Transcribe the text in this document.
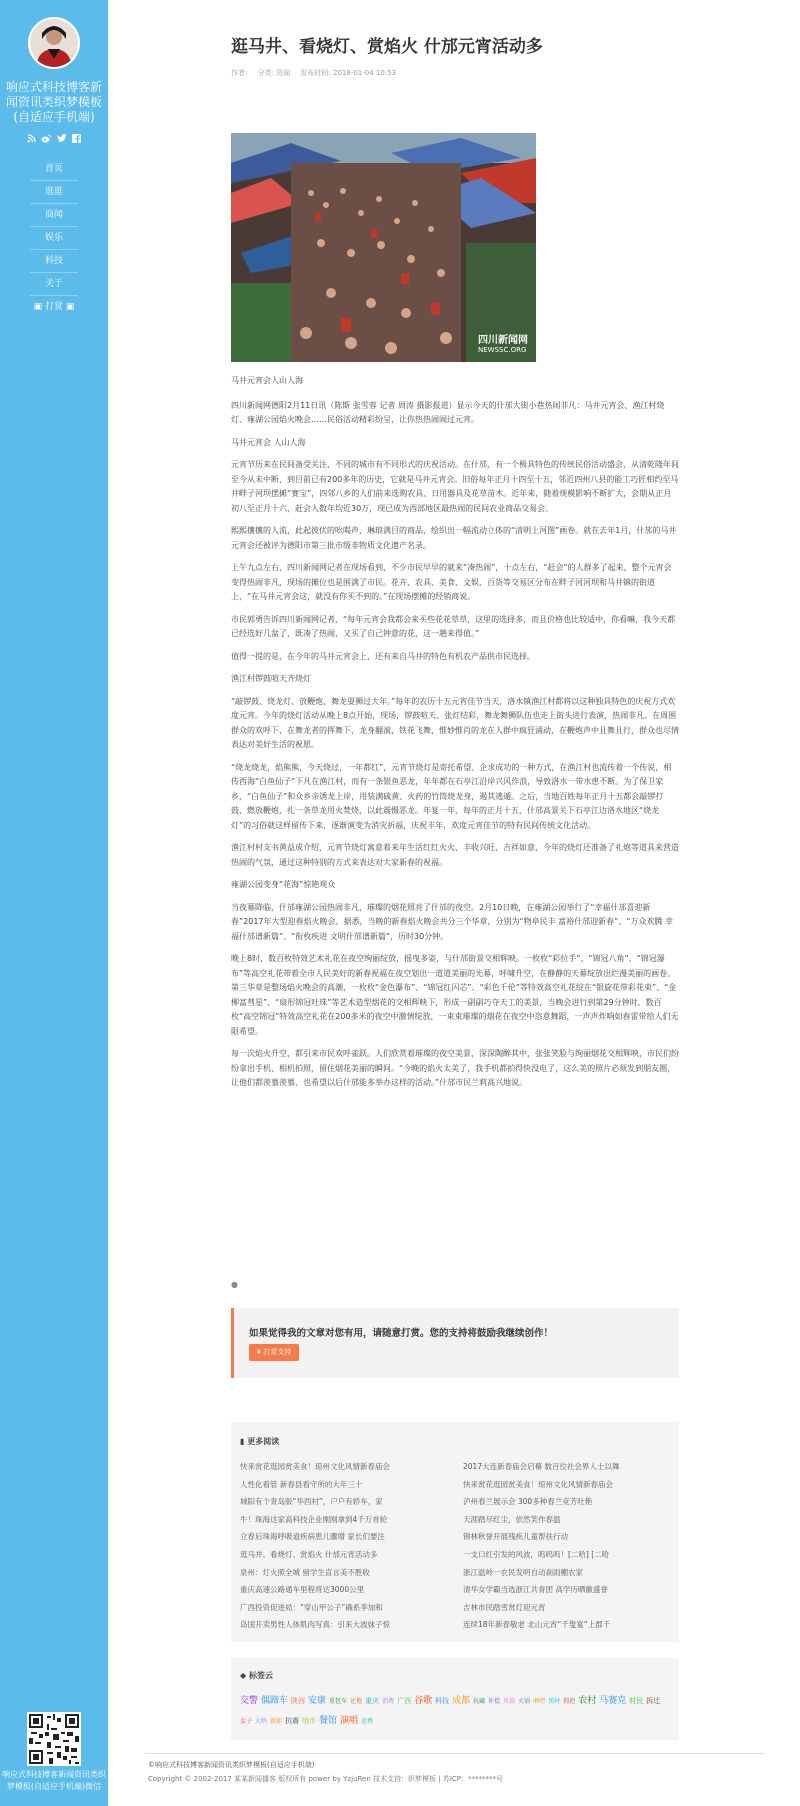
响应式科技博客新闻资讯类织梦模板(自适应手机端)
首页
逛逛
商闻
娱乐
科技
关于
▣ 打赏 ▣
响应式科技博客新闻资讯类织梦模板(自适应手机端)微信
逛马井、看烧灯、赏焰火 什邡元宵活动多
作者: 分类: 资闻 发布时间: 2018-01-04 10:53
四川新闻网
NEWSSC.ORG

马井元宵会人山人海

四川新闻网德阳2月11日讯（陈斯 张雪蓉 记者 周涛 摄影报道）显示今天的什邡大街小巷热闹非凡：马井元宵会、渔江村烧灯、雍湖公园焰火晚会……民俗活动精彩纷呈，让你热热闹闹过元宵。

马井元宵会 人山人海

元宵节历来在民间备受关注，不同的城市有不同形式的庆祝活动。在什邡，有一个极具特色的传统民俗活动盛会，从清乾隆年间至今从未中断，到目前已有200多年的历史，它就是马井元宵会。旧俗每年正月十四至十五，邻近四州八县的能工巧匠相约至马井畔子河坝摆摊“赛宝”，四邻八乡的人们前来选购农具、日用器具及花草苗木。近年来，随着规模影响不断扩大，会期从正月初八至正月十六，赶会人数年均近30万，现已成为西部地区最热闹的民间农业商品交易会。

熙熙攘攘的人流，此起彼伏的吆喝声，琳琅满目的商品，绘织出一幅流动立体的“清明上河图”画卷。就在去年1月，什邡的马井元宵会还被评为德阳市第三批市级非物质文化遗产名录。

上午九点左右，四川新闻网记者在现场看到，不少市民早早的就来“凑热闹”，十点左右，“赶会”的人群多了起来，整个元宵会变得热闹非凡，现场的摊位也是围满了市民。花卉、农具、美食、文娱、百货等交易区分布在畔子河河坝和马井镇的街道上，“在马井元宵会这，就没有你买不到的。”在现场摆摊的经销商说。

市民郭勇告诉四川新闻网记者，“每年元宵会我都会来买些花花草草，这里的选择多，而且价格也比较适中，你看嘛，我今天都已经选好几盆了，既凑了热闹，又买了自己钟意的花，这一趟来得值。”

值得一提的是，在今年的马井元宵会上，还有来自马井的特色有机农产品供市民选择。

渔江村锣鼓喧天齐烧灯

“敲锣鼓、烧龙灯、放鞭炮，舞龙耍狮过大年。”每年的农历十五元宵佳节当天，洛水镇渔江村都将以这种独具特色的庆祝方式欢度元宵。今年的烧灯活动从晚上8点开始，现场，锣鼓喧天、张灯结彩，舞龙舞狮队伍也走上街头进行表演，热闹非凡。在周围群众的欢呼下，在舞龙者的挥舞下，龙身翻滚，铁花飞舞，惟妙惟肖的龙在人群中疯狂涌动，在鞭炮声中且舞且行，群众也尽情表达对美好生活的祝愿。

“烧龙烧龙，焰熊熊，今天烧过，一年都红”，元宵节烧灯是寄托希望、企求成功的一种方式，在渔江村也流传着一个传说，相传西海“白鱼仙子”下凡在渔江村，而有一条银鱼恶龙，年年都在石亭江沿岸兴风作浪，导致洛水一带水患不断。为了保卫家乡，“白鱼仙子”和众乡亲诱龙上岸，用装满硫黄、火药的竹筒烧龙身，遏其逃遁。之后，当地百姓每年正月十五都会敲锣打鼓，燃放鞭炮，扎一条草龙用火焚烧，以此震慑恶龙。年复一年，每年的正月十五，什邡高景关下石亭江边洛水地区“烧龙灯”的习俗就这样留传下来，逐渐演变为消灾祈福，庆祝丰年，欢度元宵佳节的特有民间传统文化活动。

渔江村村支书黄益成介绍，元宵节烧灯寓意着来年生活红红火火、丰收兴旺、吉祥如意，今年的烧灯还准备了礼炮等道具来营造热闹的气氛，通过这种特别的方式来表达对大家新春的祝福。

雍湖公园变身“花海”惊艳观众

当夜幕降临，什邡雍湖公园热闹非凡，璀璨的烟花照亮了什邡的夜空。2月10日晚，在雍湖公园举行了“幸福什邡喜迎新春”2017年大型迎春焰火晚会。据悉，当晚的新春焰火晚会共分三个华章，分别为“物阜民丰 富裕什邡迎新春”、“万众欢腾 幸福什邡谱新篇”、“衔枚疾进 文明什邡谱新篇”，历时30分钟。

晚上8时，数百枚特效艺术礼花在夜空绚丽绽放，摇曳多姿，与什邡街景交相辉映。一枚枚“彩拉手”、“锦冠八角”、“锦冠瀑布”等高空礼花带着全市人民美好的新春祝福在夜空划出一道道美丽的光幕，呼啸升空，在静静的天幕绽放出烂漫美丽的画卷。第三华章是整场焰火晚会的高潮，一枚枚“金色瀑布”、“锦冠红闪芯”、“彩色千伦”等特效高空礼花绽在“银旋花带彩花束”、“金柳富彗星”、“扇形锦冠吐珠”等艺术造型烟花的交相辉映下，形成一副副巧夺天工的美景，当晚会进行到第29分钟时，数百枚“高空锦冠”特效高空礼花在200多米的夜空中激情绽放，一束束璀璨的烟花在夜空中恣意舞蹈，一声声炸响如春雷带给人们无限希望。

每一次焰火升空，都引来市民欢呼雀跃。人们欣赏着璀璨的夜空美景，深深陶醉其中，张张笑脸与绚丽烟花交相辉映，市民们纷纷拿出手机、相机拍照，留住烟花美丽的瞬间。“今晚的焰火太美了，我手机都拍得快没电了，这么美的照片必须发到朋友圈，让他们都羡慕羡慕，也希望以后什邡能多举办这样的活动。”什邡市民兰莉高兴地说。

●
如果觉得我的文章对您有用，请随意打赏。您的支持将鼓励我继续创作！
¥ 打赏支持
▮ 更多阅读
快来赏花逛园赏美食！琼州文化风情新春庙会
人性化看管 新春县看守所的大年三十
城阳有个青岛版“华西村”，户户有轿车，家
牛！珠海这家高科技企业刚刚拿到4千万首轮
立春后珠海呼吸道疾病患儿骤增 家长们要注
逛马井、看烧灯、赏焰火 什邡元宵活动多
泉州：灯火照全城 留学生直言美不胜收
重庆高速公路通车里程将达3000公里
广西投资促进局：“穿山甲公子”确系李加和
岛国开卖男性人体肌肉写真：引来大波妹子惊
2017大连新春庙会启幕 数百位社会界人士以舞
快来赏花逛园赏美食！琼州文化风情新春庙会
泸州春兰展示会 300多种春兰竞芳吐艳
天涯踏尽红尘，依然笑作春温
锦林秋誉开展残疾儿童帮扶行动
一支口红引发的风波，呜呜呜！[二哈] [二哈
浙江温岭一农民发明自动刹雨棚农家
清华女学霸当选浙江共青团 高学历晒徽盛誉
吉林市民踏雪赏灯迎元宵
连续18年新春敬老 北山元宵“千叟宴”上郡千
◆ 标签云
交警 偶蹄车 陕西 安康 重包车 还地 重庆 消费 广西 谷歌 科技 成都 抗藏 补偿 风筒 火锅 晒吧 黑材 拥抱 农村 马赛克 村民 拆迁女子 大妈 新郎 抗震 哦币 餐馆 演唱 运费
©响应式科技博客新闻资讯类织梦模板(自适应手机端)
Copyright © 2002-2017 某某新闻播客 版权所有 power by YzjuRen 技术支持：织梦模板 | 苏ICP：********号
